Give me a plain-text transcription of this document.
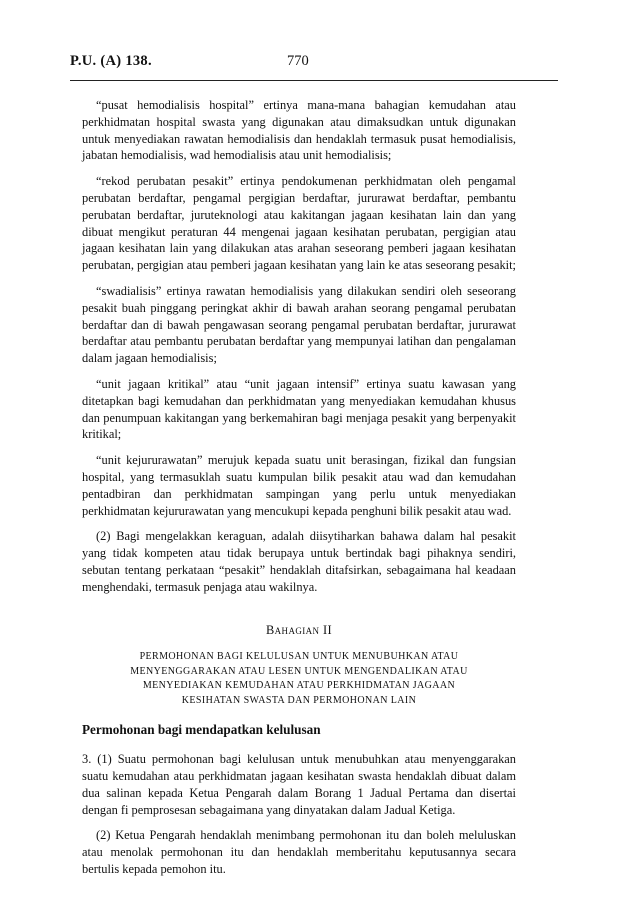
P.U. (A) 138.	770

“pusat hemodialisis hospital” ertinya mana-mana bahagian kemudahan atau perkhidmatan hospital swasta yang digunakan atau dimaksudkan untuk digunakan untuk menyediakan rawatan hemodialisis dan hendaklah termasuk pusat hemodialisis, jabatan hemodialisis, wad hemodialisis atau unit hemodialisis;

“rekod perubatan pesakit” ertinya pendokumenan perkhidmatan oleh pengamal perubatan berdaftar, pengamal pergigian berdaftar, jururawat berdaftar, pembantu perubatan berdaftar, juruteknologi atau kakitangan jagaan kesihatan lain dan yang dibuat mengikut peraturan 44 mengenai jagaan kesihatan perubatan, pergigian atau jagaan kesihatan lain yang dilakukan atas arahan seseorang pemberi jagaan kesihatan perubatan, pergigian atau pemberi jagaan kesihatan yang lain ke atas seseorang pesakit;

“swadialisis” ertinya rawatan hemodialisis yang dilakukan sendiri oleh seseorang pesakit buah pinggang peringkat akhir di bawah arahan seorang pengamal perubatan berdaftar dan di bawah pengawasan seorang pengamal perubatan berdaftar, jururawat berdaftar atau pembantu perubatan berdaftar yang mempunyai latihan dan pengalaman dalam jagaan hemodialisis;

“unit jagaan kritikal” atau “unit jagaan intensif” ertinya suatu kawasan yang ditetapkan bagi kemudahan dan perkhidmatan yang menyediakan kemudahan khusus dan penumpuan kakitangan yang berkemahiran bagi menjaga pesakit yang berpenyakit kritikal;

“unit kejururawatan” merujuk kepada suatu unit berasingan, fizikal dan fungsian hospital, yang termasuklah suatu kumpulan bilik pesakit atau wad dan kemudahan pentadbiran dan perkhidmatan sampingan yang perlu untuk menyediakan perkhidmatan kejururawatan yang mencukupi kepada penghuni bilik pesakit atau wad.

(2) Bagi mengelakkan keraguan, adalah diisytiharkan bahawa dalam hal pesakit yang tidak kompeten atau tidak berupaya untuk bertindak bagi pihaknya sendiri, sebutan tentang perkataan “pesakit” hendaklah ditafsirkan, sebagaimana hal keadaan menghendaki, termasuk penjaga atau wakilnya.

Bahagian II
PERMOHONAN BAGI KELULUSAN UNTUK MENUBUHKAN ATAU
MENYENGGARAKAN ATAU LESEN UNTUK MENGENDALIKAN ATAU
MENYEDIAKAN KEMUDAHAN ATAU PERKHIDMATAN JAGAAN
KESIHATAN SWASTA DAN PERMOHONAN LAIN
Permohonan bagi mendapatkan kelulusan

3. (1) Suatu permohonan bagi kelulusan untuk menubuhkan atau menyenggarakan suatu kemudahan atau perkhidmatan jagaan kesihatan swasta hendaklah dibuat dalam dua salinan kepada Ketua Pengarah dalam Borang 1 Jadual Pertama dan disertai dengan fi pemprosesan sebagaimana yang dinyatakan dalam Jadual Ketiga.

(2) Ketua Pengarah hendaklah menimbang permohonan itu dan boleh meluluskan atau menolak permohonan itu dan hendaklah memberitahu keputusannya secara bertulis kepada pemohon itu.
